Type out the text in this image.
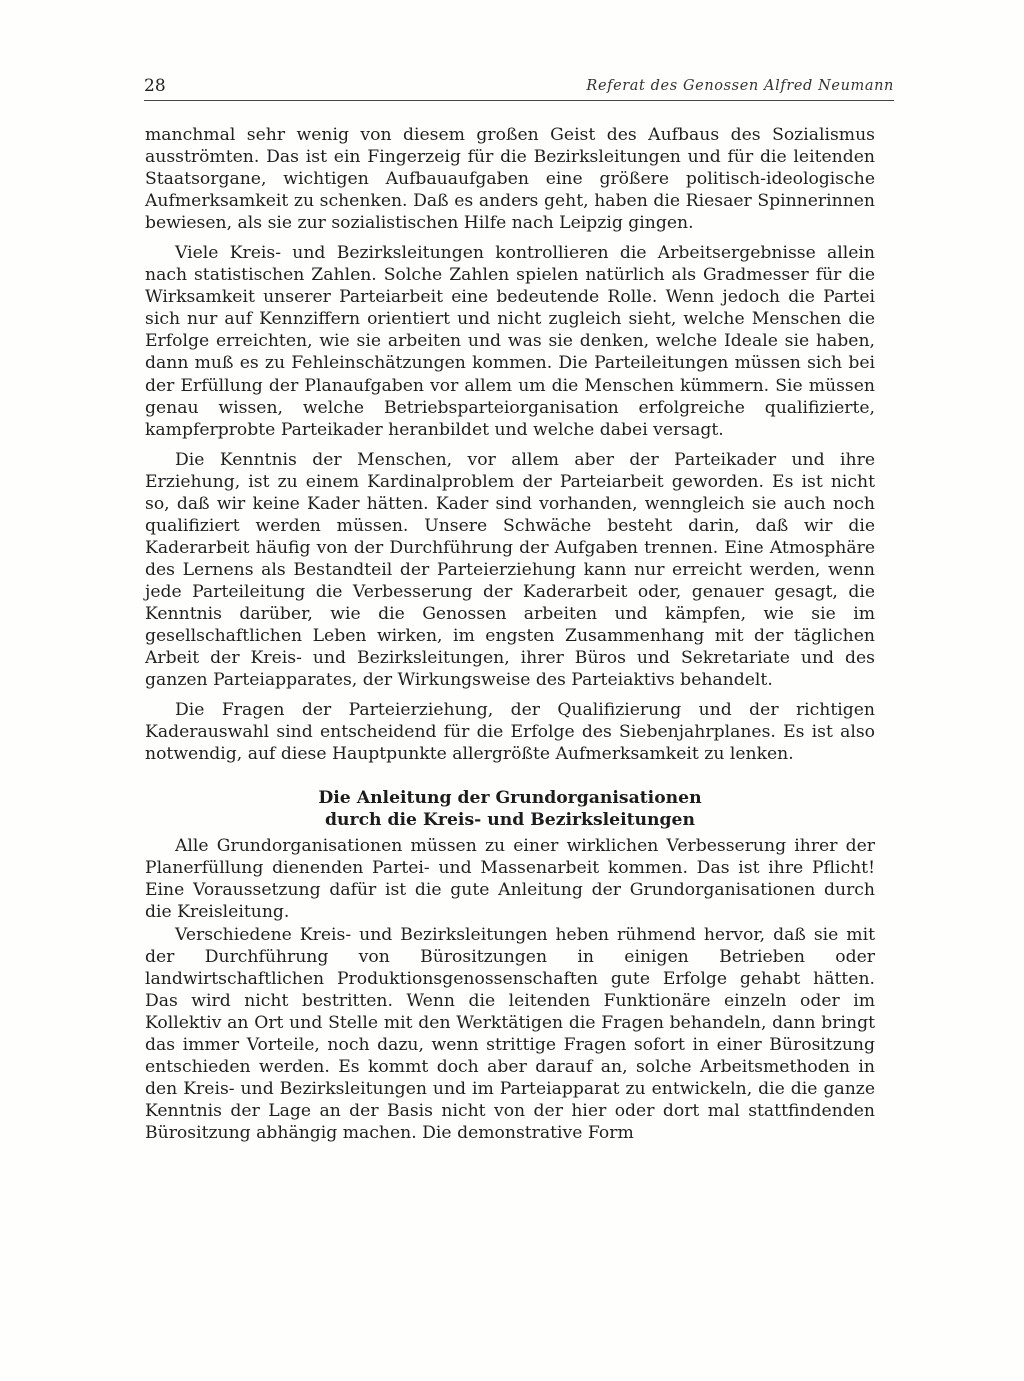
28	Referat des Genossen Alfred Neumann

manchmal sehr wenig von diesem großen Geist des Aufbaus des Sozialismus ausströmten. Das ist ein Fingerzeig für die Bezirksleitungen und für die leitenden Staatsorgane, wichtigen Aufbauaufgaben eine größere politisch-ideologische Aufmerksamkeit zu schenken. Daß es anders geht, haben die Riesaer Spinnerinnen bewiesen, als sie zur sozialistischen Hilfe nach Leipzig gingen.

Viele Kreis- und Bezirksleitungen kontrollieren die Arbeitsergebnisse allein nach statistischen Zahlen. Solche Zahlen spielen natürlich als Gradmesser für die Wirksamkeit unserer Parteiarbeit eine bedeutende Rolle. Wenn jedoch die Partei sich nur auf Kennziffern orientiert und nicht zugleich sieht, welche Menschen die Erfolge erreichten, wie sie arbeiten und was sie denken, welche Ideale sie haben, dann muß es zu Fehleinschätzungen kommen. Die Parteileitungen müssen sich bei der Erfüllung der Planaufgaben vor allem um die Menschen kümmern. Sie müssen genau wissen, welche Betriebsparteiorganisation erfolgreiche qualifizierte, kampferprobte Parteikader heranbildet und welche dabei versagt.

Die Kenntnis der Menschen, vor allem aber der Parteikader und ihre Erziehung, ist zu einem Kardinalproblem der Parteiarbeit geworden. Es ist nicht so, daß wir keine Kader hätten. Kader sind vorhanden, wenngleich sie auch noch qualifiziert werden müssen. Unsere Schwäche besteht darin, daß wir die Kaderarbeit häufig von der Durchführung der Aufgaben trennen. Eine Atmosphäre des Lernens als Bestandteil der Parteierziehung kann nur erreicht werden, wenn jede Parteileitung die Verbesserung der Kaderarbeit oder, genauer gesagt, die Kenntnis darüber, wie die Genossen arbeiten und kämpfen, wie sie im gesellschaftlichen Leben wirken, im engsten Zusammenhang mit der täglichen Arbeit der Kreis- und Bezirksleitungen, ihrer Büros und Sekretariate und des ganzen Parteiapparates, der Wirkungsweise des Parteiaktivs behandelt.

Die Fragen der Parteierziehung, der Qualifizierung und der richtigen Kaderauswahl sind entscheidend für die Erfolge des Siebenjahrplanes. Es ist also notwendig, auf diese Hauptpunkte allergrößte Aufmerksamkeit zu lenken.

Die Anleitung der Grundorganisationen
durch die Kreis- und Bezirksleitungen

Alle Grundorganisationen müssen zu einer wirklichen Verbesserung ihrer der Planerfüllung dienenden Partei- und Massenarbeit kommen. Das ist ihre Pflicht! Eine Voraussetzung dafür ist die gute Anleitung der Grundorganisationen durch die Kreisleitung.

Verschiedene Kreis- und Bezirksleitungen heben rühmend hervor, daß sie mit der Durchführung von Bürositzungen in einigen Betrieben oder landwirtschaftlichen Produktionsgenossenschaften gute Erfolge gehabt hätten. Das wird nicht bestritten. Wenn die leitenden Funktionäre einzeln oder im Kollektiv an Ort und Stelle mit den Werktätigen die Fragen behandeln, dann bringt das immer Vorteile, noch dazu, wenn strittige Fragen sofort in einer Bürositzung entschieden werden. Es kommt doch aber darauf an, solche Arbeitsmethoden in den Kreis- und Bezirksleitungen und im Parteiapparat zu entwickeln, die die ganze Kenntnis der Lage an der Basis nicht von der hier oder dort mal stattfindenden Bürositzung abhängig machen. Die demonstrative Form
